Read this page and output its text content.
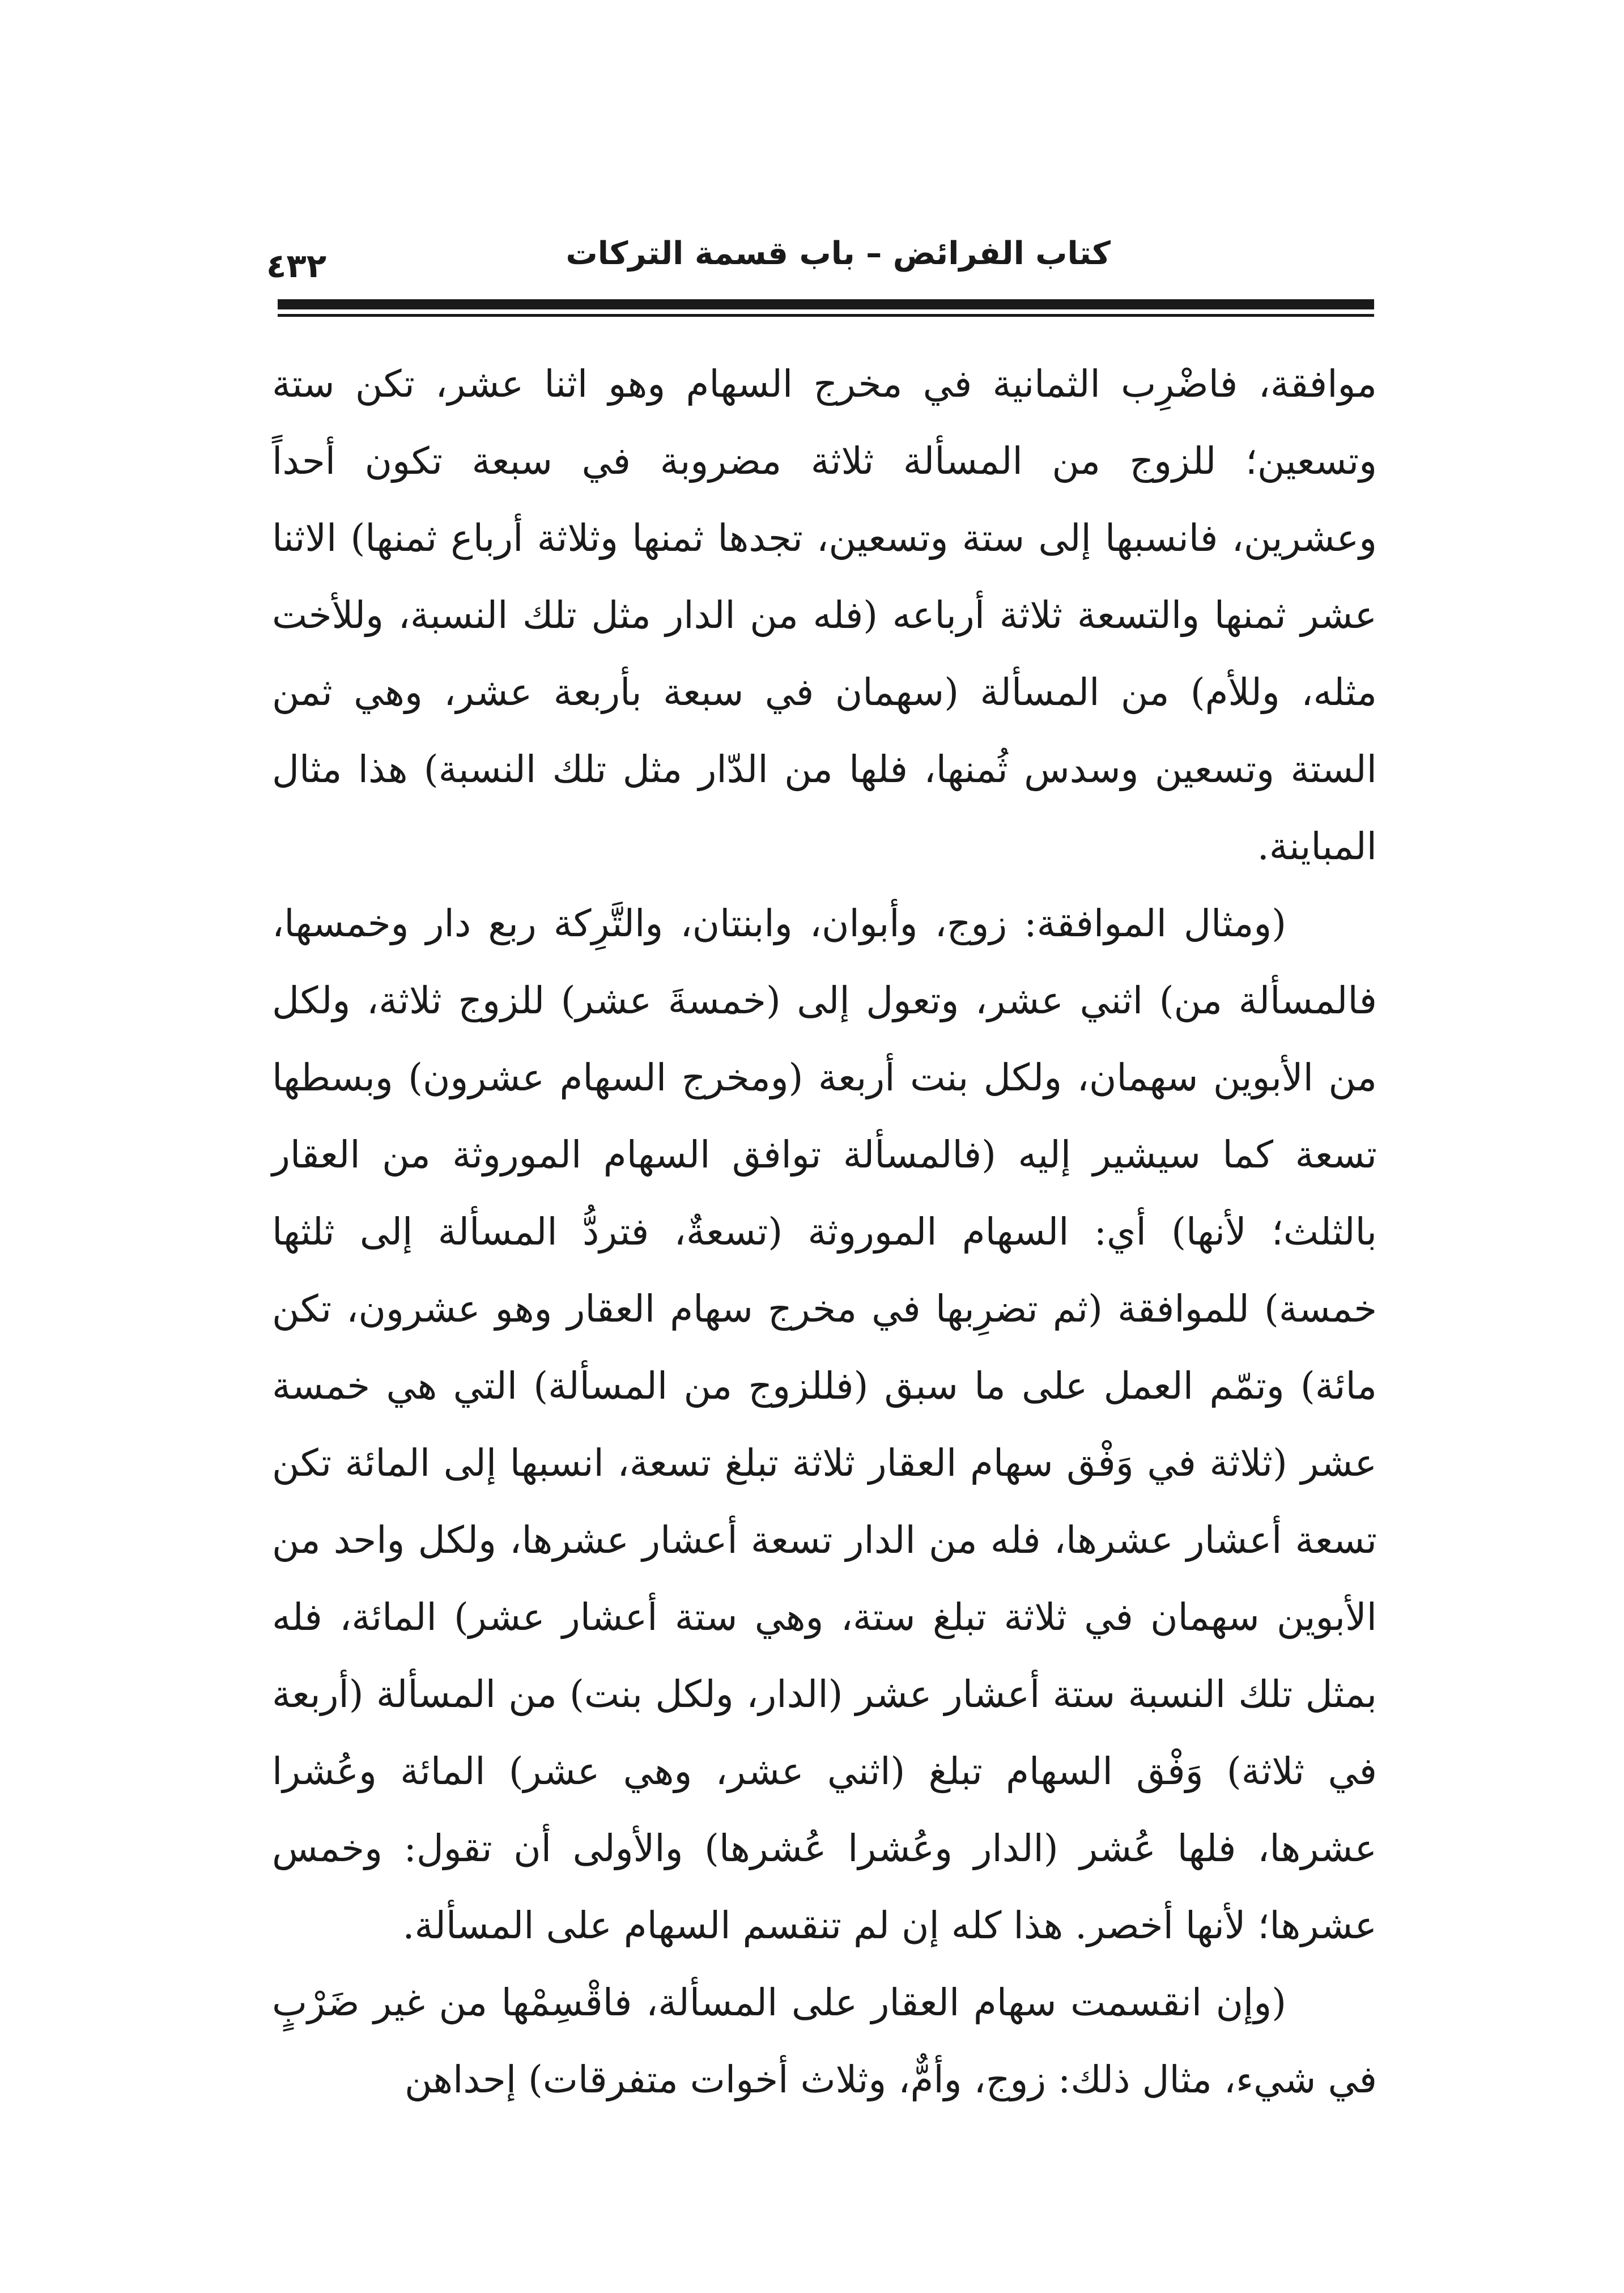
كتاب الفرائض – باب قسمة التركات
٤٣٢

موافقة، فاضْرِب الثمانية في مخرج السهام وهو اثنا عشر، تكن ستة وتسعين؛ للزوج من المسألة ثلاثة مضروبة في سبعة تكون أحداً وعشرين، فانسبها إلى ستة وتسعين، تجدها ثمنها وثلاثة أرباع ثمنها) الاثنا عشر ثمنها والتسعة ثلاثة أرباعه (فله من الدار مثل تلك النسبة، وللأخت مثله، وللأم) من المسألة (سهمان في سبعة بأربعة عشر، وهي ثمن الستة وتسعين وسدس ثُمنها، فلها من الدّار مثل تلك النسبة) هذا مثال المباينة.

(ومثال الموافقة: زوج، وأبوان، وابنتان، والتَّرِكة ربع دار وخمسها، فالمسألة من) اثني عشر، وتعول إلى (خمسةَ عشر) للزوج ثلاثة، ولكل من الأبوين سهمان، ولكل بنت أربعة (ومخرج السهام عشرون) وبسطها تسعة كما سيشير إليه (فالمسألة توافق السهام الموروثة من العقار بالثلث؛ لأنها) أي: السهام الموروثة (تسعةٌ، فتردُّ المسألة إلى ثلثها خمسة) للموافقة (ثم تضرِبها في مخرج سهام العقار وهو عشرون، تكن مائة) وتمّم العمل على ما سبق (فللزوج من المسألة) التي هي خمسة عشر (ثلاثة في وَفْق سهام العقار ثلاثة تبلغ تسعة، انسبها إلى المائة تكن تسعة أعشار عشرها، فله من الدار تسعة أعشار عشرها، ولكل واحد من الأبوين سهمان في ثلاثة تبلغ ستة، وهي ستة أعشار عشر) المائة، فله بمثل تلك النسبة ستة أعشار عشر (الدار، ولكل بنت) من المسألة (أربعة في ثلاثة) وَفْق السهام تبلغ (اثني عشر، وهي عشر) المائة وعُشرا عشرها، فلها عُشر (الدار وعُشرا عُشرها) والأولى أن تقول: وخمس عشرها؛ لأنها أخصر. هذا كله إن لم تنقسم السهام على المسألة.

(وإن انقسمت سهام العقار على المسألة، فاقْسِمْها من غير ضَرْبٍ في شيء، مثال ذلك: زوج، وأمٌّ، وثلاث أخوات متفرقات) إحداهن
